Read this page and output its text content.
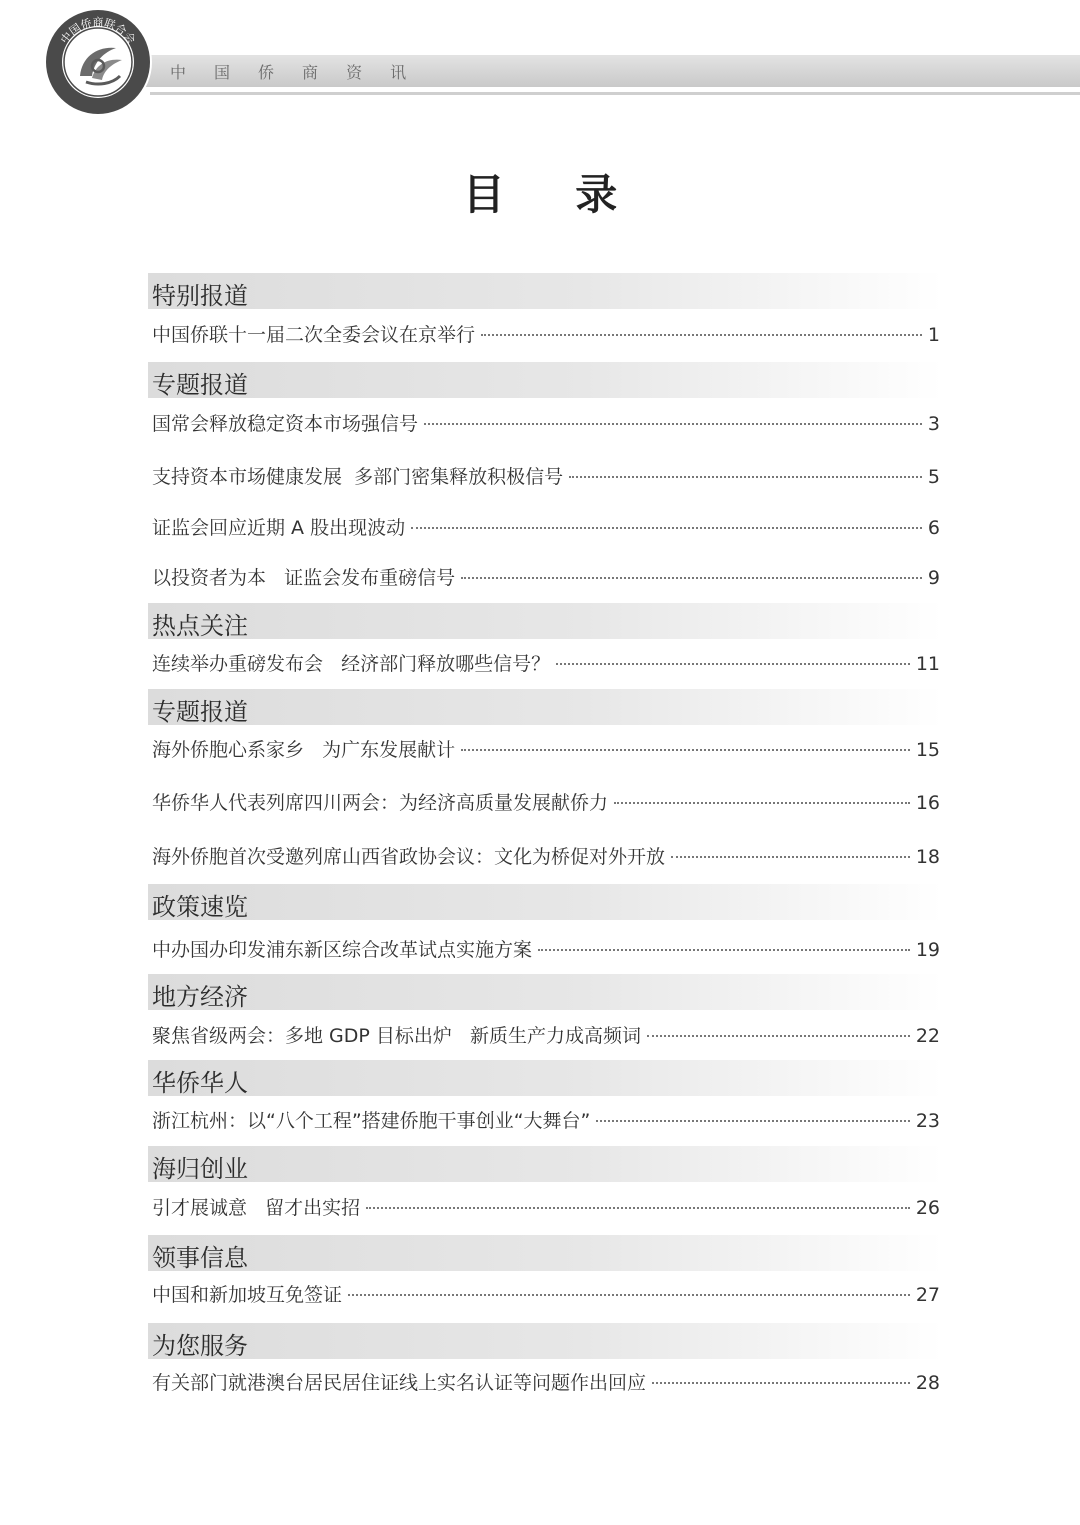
中 国 侨 商 资 讯
中国侨商联合会
目 录
特别报道
中国侨联十一届二次全委会议在京举行	1
专题报道
国常会释放稳定资本市场强信号	3
支持资本市场健康发展  多部门密集释放积极信号	5
证监会回应近期 A 股出现波动	6
以投资者为本   证监会发布重磅信号	9
热点关注
连续举办重磅发布会   经济部门释放哪些信号？	11
专题报道
海外侨胞心系家乡   为广东发展献计	15
华侨华人代表列席四川两会：为经济高质量发展献侨力	16
海外侨胞首次受邀列席山西省政协会议：文化为桥促对外开放	18
政策速览
中办国办印发浦东新区综合改革试点实施方案	19
地方经济
聚焦省级两会：多地 GDP 目标出炉   新质生产力成高频词	22
华侨华人
浙江杭州：以“八个工程”搭建侨胞干事创业“大舞台”	23
海归创业
引才展诚意   留才出实招	26
领事信息
中国和新加坡互免签证	27
为您服务
有关部门就港澳台居民居住证线上实名认证等问题作出回应	28
